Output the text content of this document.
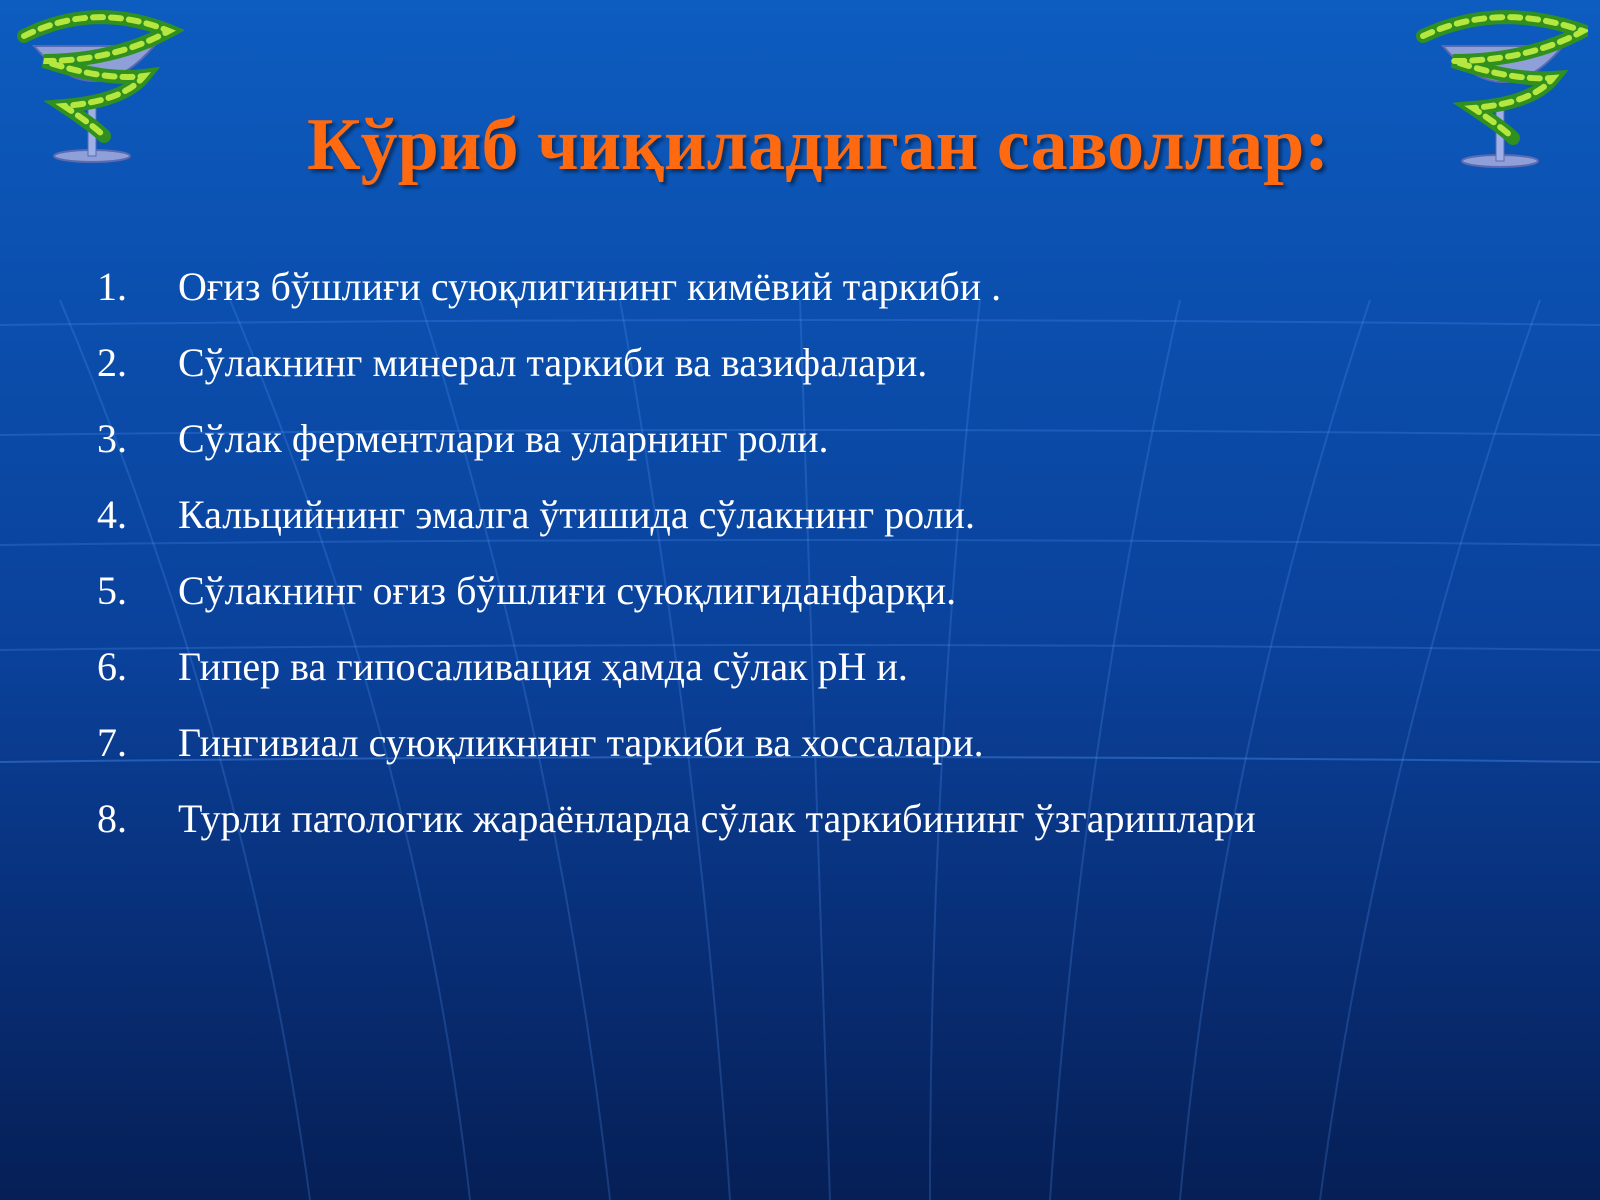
Кўриб чиқиладиган саволлар:
1.	Оғиз бўшлиғи суюқлигининг кимёвий таркиби .
2.	Сўлакнинг минерал таркиби ва вазифалари.
3.	Сўлак ферментлари ва уларнинг роли.
4.	Кальцийнинг эмалга ўтишида сўлакнинг роли.
5.	Сўлакнинг оғиз бўшлиғи суюқлигиданфарқи.
6.	Гипер ва гипосаливация ҳамда сўлак рН и.
7.	Гингивиал суюқликнинг таркиби ва хоссалари.
8.	Турли патологик жараёнларда сўлак таркибининг ўзгаришлари
